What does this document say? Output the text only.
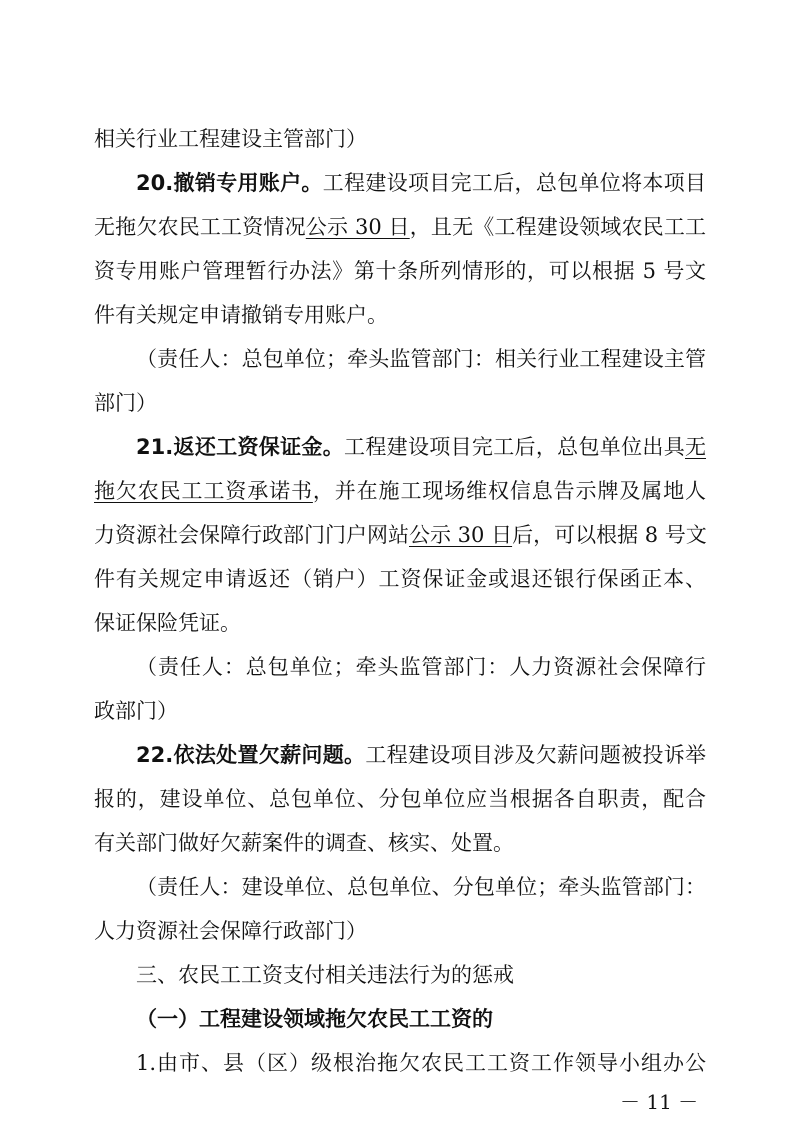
相关行业工程建设主管部门）
20.撤销专用账户。工程建设项目完工后，总包单位将本项目
无拖欠农民工工资情况公示 30 日，且无《工程建设领域农民工工
资专用账户管理暂行办法》第十条所列情形的，可以根据 5 号文
件有关规定申请撤销专用账户。
（责任人：总包单位；牵头监管部门：相关行业工程建设主管
部门）
21.返还工资保证金。工程建设项目完工后，总包单位出具无
拖欠农民工工资承诺书，并在施工现场维权信息告示牌及属地人
力资源社会保障行政部门门户网站公示 30 日后，可以根据 8 号文
件有关规定申请返还（销户）工资保证金或退还银行保函正本、
保证保险凭证。
（责任人：总包单位；牵头监管部门：人力资源社会保障行
政部门）
22.依法处置欠薪问题。工程建设项目涉及欠薪问题被投诉举
报的，建设单位、总包单位、分包单位应当根据各自职责，配合
有关部门做好欠薪案件的调查、核实、处置。
（责任人：建设单位、总包单位、分包单位；牵头监管部门：
人力资源社会保障行政部门）
三、农民工工资支付相关违法行为的惩戒
（一）工程建设领域拖欠农民工工资的
1.由市、县（区）级根治拖欠农民工工资工作领导小组办公
－ 11 －
